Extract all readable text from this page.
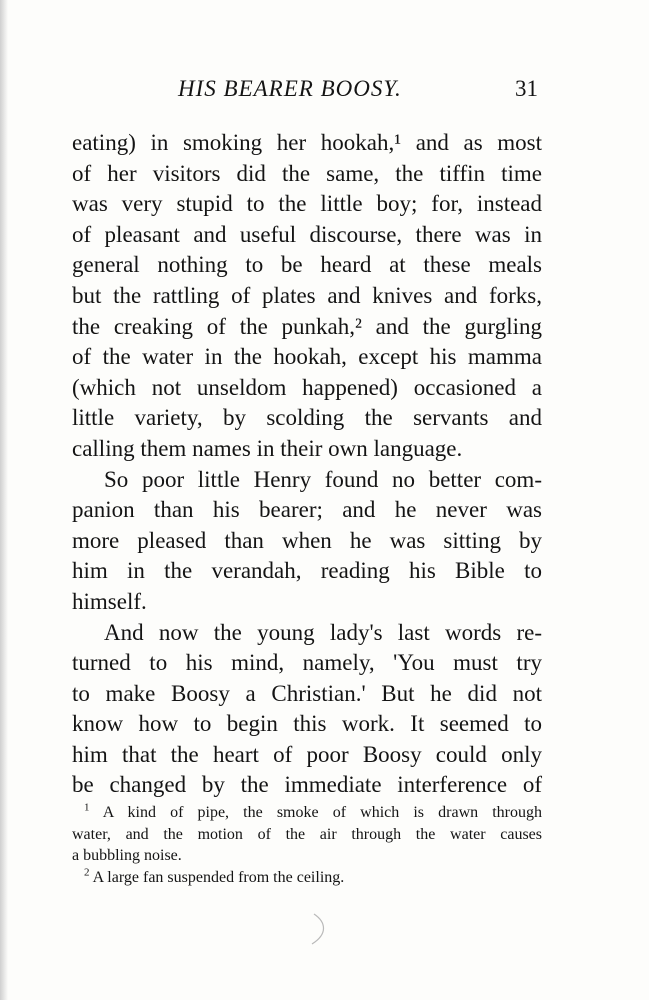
HIS BEARER BOOSY.	31

eating) in smoking her hookah,¹ and as most

of her visitors did the same, the tiffin time

was very stupid to the little boy; for, instead

of pleasant and useful discourse, there was in

general nothing to be heard at these meals

but the rattling of plates and knives and forks,

the creaking of the punkah,² and the gurgling

of the water in the hookah, except his mamma

(which not unseldom happened) occasioned a

little variety, by scolding the servants and

calling them names in their own language.

So poor little Henry found no better com-

panion than his bearer; and he never was

more pleased than when he was sitting by

him in the verandah, reading his Bible to

himself.

And now the young lady's last words re-

turned to his mind, namely, 'You must try

to make Boosy a Christian.' But he did not

know how to begin this work. It seemed to

him that the heart of poor Boosy could only

be changed by the immediate interference of

$^1$ A kind of pipe, the smoke of which is drawn through

water, and the motion of the air through the water causes

a bubbling noise.

$^2$ A large fan suspended from the ceiling.
